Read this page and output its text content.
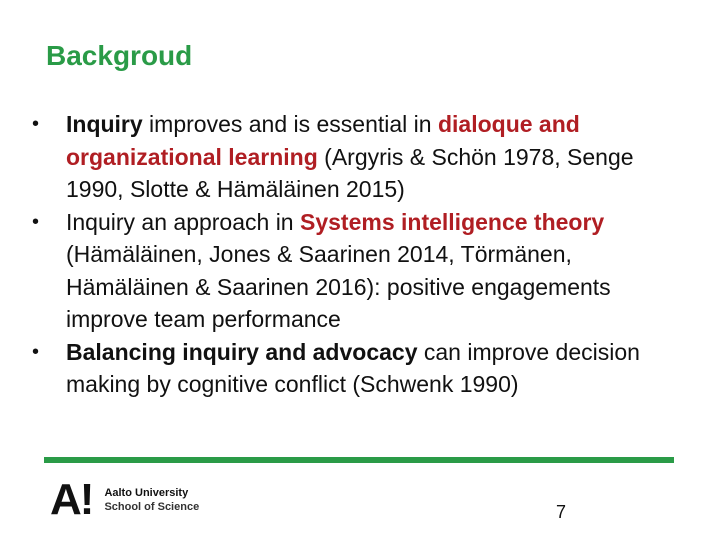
Backgroud
• Inquiry improves and is essential in dialoque and organizational learning (Argyris & Schön 1978, Senge 1990, Slotte & Hämäläinen 2015)
• Inquiry an approach in Systems intelligence theory (Hämäläinen, Jones & Saarinen 2014, Törmänen, Hämäläinen & Saarinen 2016): positive engagements improve team performance
• Balancing inquiry and advocacy can improve decision making by cognitive conflict (Schwenk 1990)
A! Aalto University
School of Science	7
